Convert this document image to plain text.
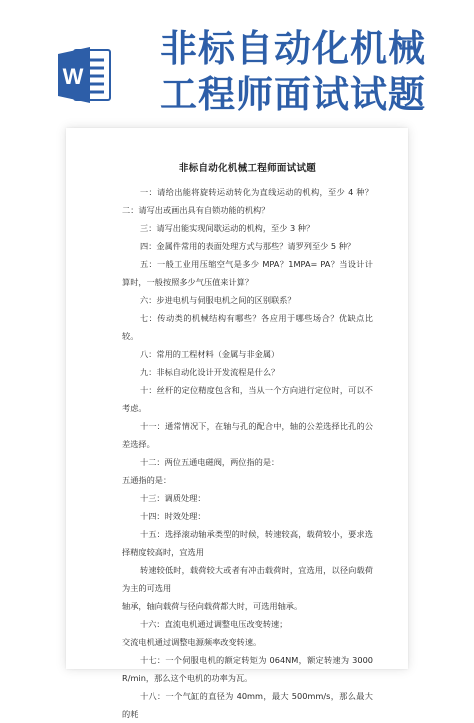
W
非标自动化机械工程师面试试题
非标自动化机械工程师面试试题
一：请给出能将旋转运动转化为直线运动的机构，至少 4 种？二：请写出或画出具有自锁功能的机构？
三：请写出能实现间歇运动的机构，至少 3 种？
四：金属件常用的表面处理方式与那些？请罗列至少 5 种？
五：一般工业用压缩空气是多少 MPA？1MPA= PA？当设计计算时，一般按照多少气压值来计算？
六：步进电机与伺服电机之间的区别联系？
七：传动类的机械结构有哪些？各应用于哪些场合？优缺点比较。
八：常用的工程材料（金属与非金属）
九：非标自动化设计开发流程是什么？
十：丝杆的定位精度包含和，当从一个方向进行定位时，可以不考虑。
十一：通常情况下，在轴与孔的配合中，轴的公差选择比孔的公差选择。
十二：两位五通电磁阀，两位指的是：
五通指的是：
十三：调质处理：
十四：时效处理：
十五：选择滚动轴承类型的时候，转速较高，载荷较小，要求选择精度较高时，宜选用
转速较低时，载荷较大或者有冲击载荷时，宜选用，以径向载荷为主的可选用
轴承，轴向载荷与径向载荷都大时，可选用轴承。
十六：直流电机通过调整电压改变转速；
交流电机通过调整电源频率改变转速。
十七：一个伺服电机的额定转矩为 064NM，额定转速为 3000R/min，那么这个电机的功率为瓦。
十八：一个气缸的直径为 40mm，最大 500mm/s，那么最大的耗
